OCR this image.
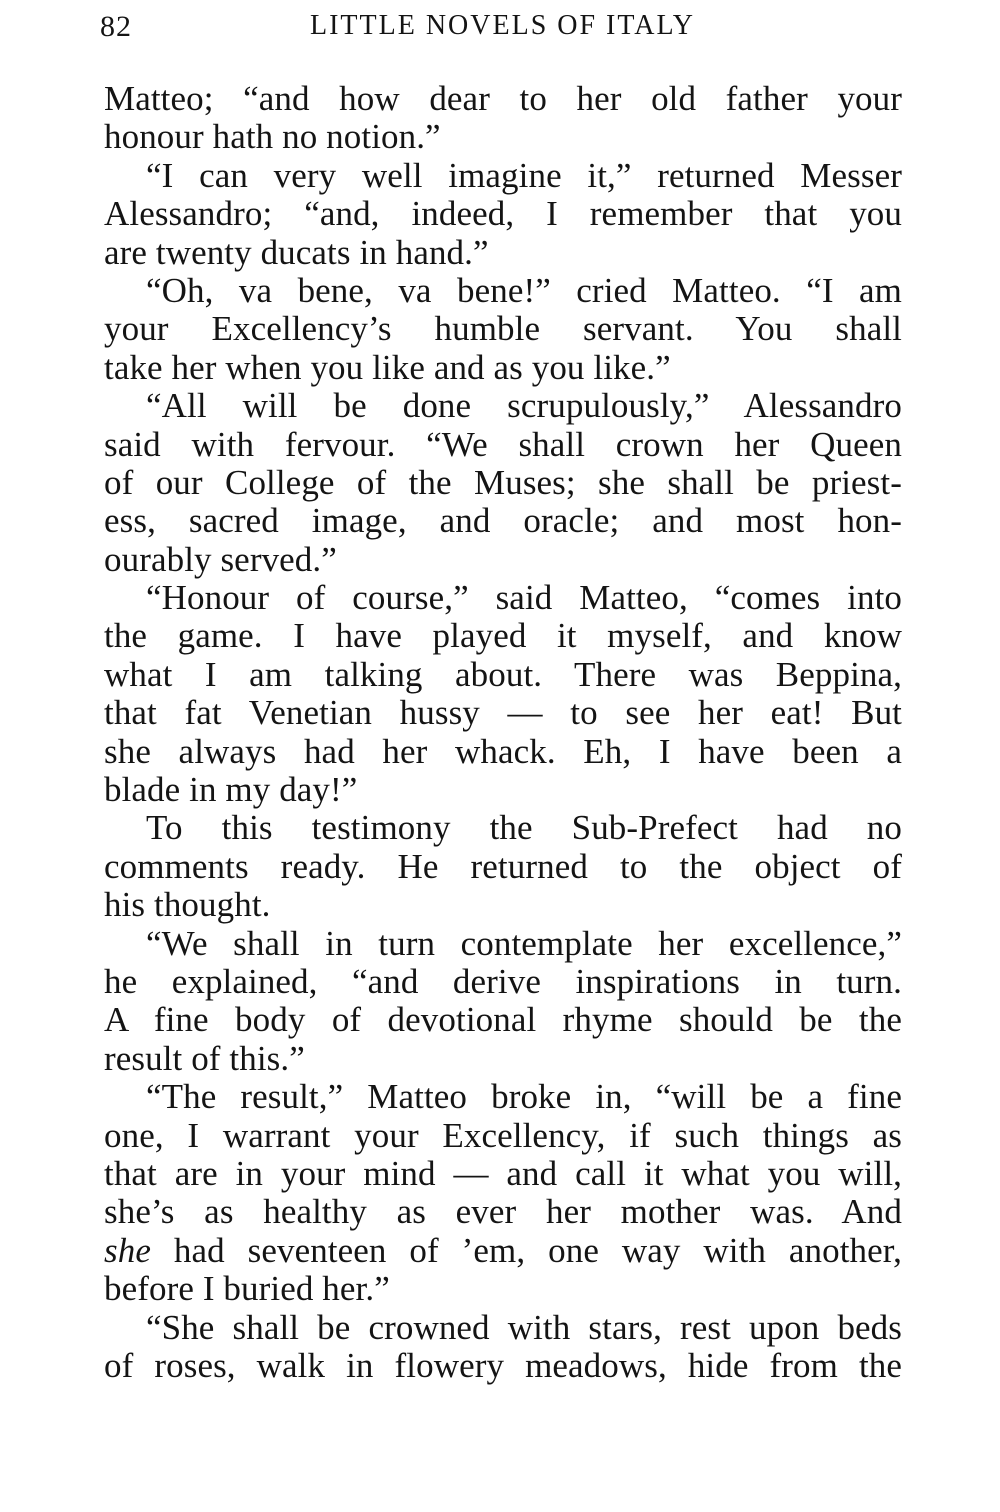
82	LITTLE NOVELS OF ITALY
Matteo; “and how dear to her old father your
honour hath no notion.”
“I can very well imagine it,” returned Messer
Alessandro; “and, indeed, I remember that you
are twenty ducats in hand.”
“Oh, va bene, va bene!” cried Matteo. “I am
your Excellency’s humble servant. You shall
take her when you like and as you like.”
“All will be done scrupulously,” Alessandro
said with fervour. “We shall crown her Queen
of our College of the Muses; she shall be priest-
ess, sacred image, and oracle; and most hon-
ourably served.”
“Honour of course,” said Matteo, “comes into
the game. I have played it myself, and know
what I am talking about. There was Beppina,
that fat Venetian hussy — to see her eat! But
she always had her whack. Eh, I have been a
blade in my day!”
To this testimony the Sub-Prefect had no
comments ready. He returned to the object of
his thought.
“We shall in turn contemplate her excellence,”
he explained, “and derive inspirations in turn.
A fine body of devotional rhyme should be the
result of this.”
“The result,” Matteo broke in, “will be a fine
one, I warrant your Excellency, if such things as
that are in your mind — and call it what you will,
she’s as healthy as ever her mother was. And
she had seventeen of ’em, one way with another,
before I buried her.”
“She shall be crowned with stars, rest upon beds
of roses, walk in flowery meadows, hide from the
